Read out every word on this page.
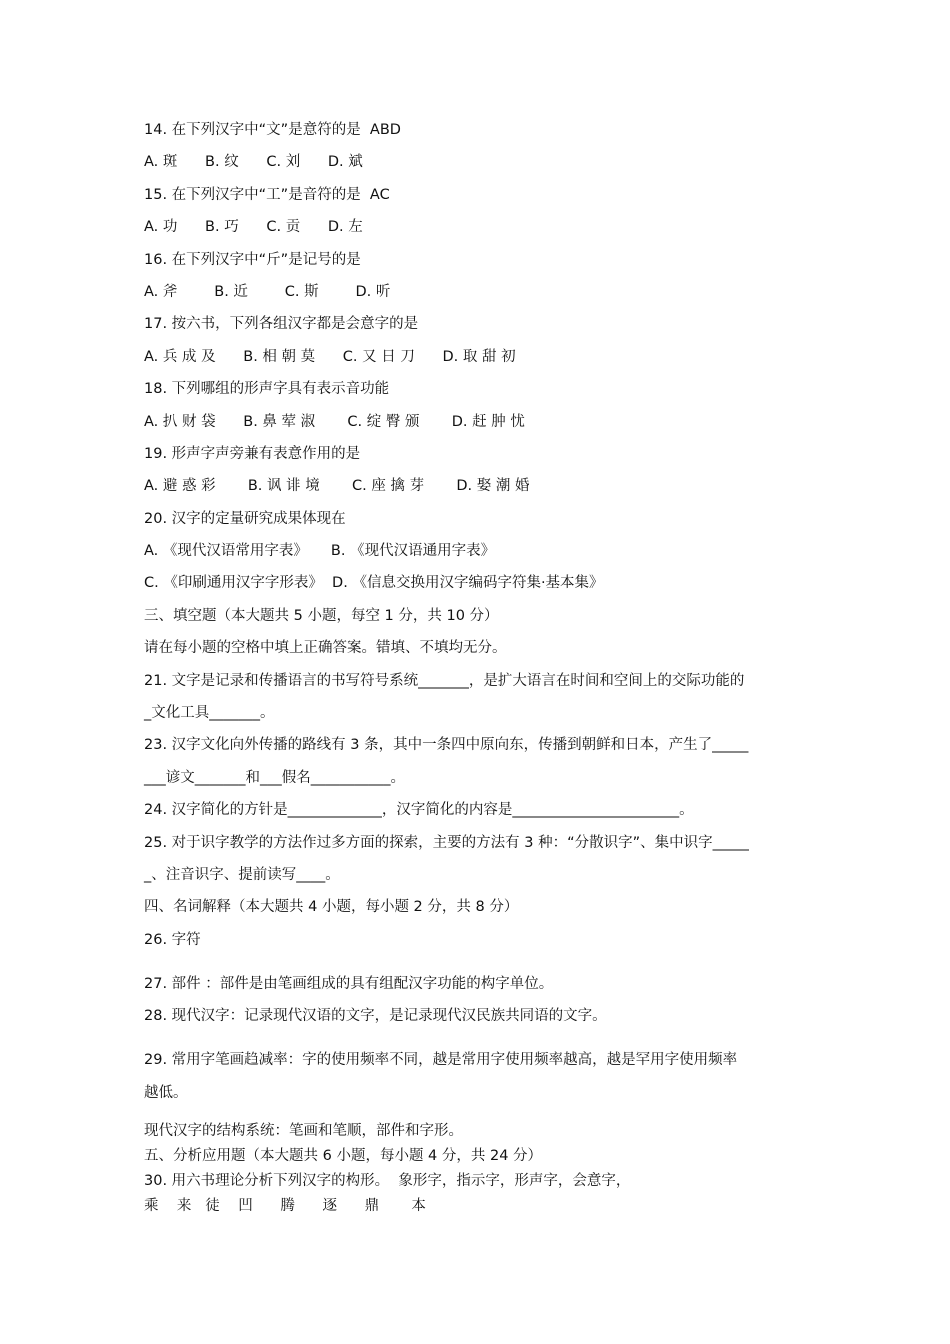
14. 在下列汉字中“文”是意符的是  ABD

A. 斑      B. 纹      C. 刘      D. 斌

15. 在下列汉字中“工”是音符的是  AC

A. 功      B. 巧      C. 贡      D. 左

16. 在下列汉字中“斤”是记号的是

A. 斧        B. 近        C. 斯        D. 听

17. 按六书，下列各组汉字都是会意字的是

A. 兵 成 及      B. 相 朝 莫      C. 又 日 刀      D. 取 甜 初

18. 下列哪组的形声字具有表示音功能

A. 扒 财 袋      B. 鼻 荤 淑       C. 绽 臀 颁       D. 赶 肿 忧

19. 形声字声旁兼有表意作用的是

A. 避 惑 彩       B. 讽 诽 境       C. 座 擒 芽       D. 娶 潮 婚

20. 汉字的定量研究成果体现在

A. 《现代汉语常用字表》     B. 《现代汉语通用字表》

C. 《印刷通用汉字字形表》  D. 《信息交换用汉字编码字符集·基本集》

三、填空题（本大题共 5 小题，每空 1 分，共 10 分）

请在每小题的空格中填上正确答案。错填、不填均无分。

21. 文字是记录和传播语言的书写符号系统_______，是扩大语言在时间和空间上的交际功能的

_文化工具_______。

23. 汉字文化向外传播的路线有 3 条，其中一条四中原向东，传播到朝鲜和日本，产生了_____

___谚文_______和___假名___________。

24. 汉字简化的方针是_____________，汉字简化的内容是_______________________。

25. 对于识字教学的方法作过多方面的探索，主要的方法有 3 种：“分散识字”、集中识字_____

_、注音识字、提前读写____。

四、名词解释（本大题共 4 小题，每小题 2 分，共 8 分）

26. 字符

27. 部件 ：部件是由笔画组成的具有组配汉字功能的构字单位。

28. 现代汉字：记录现代汉语的文字，是记录现代汉民族共同语的文字。

29. 常用字笔画趋减率：字的使用频率不同，越是常用字使用频率越高，越是罕用字使用频率

越低。

现代汉字的结构系统：笔画和笔顺，部件和字形。

五、分析应用题（本大题共 6 小题，每小题 4 分，共 24 分）

30. 用六书理论分析下列汉字的构形。  象形字，指示字，形声字，会意字，

乘    来   徒    凹      腾      逐      鼎       本
